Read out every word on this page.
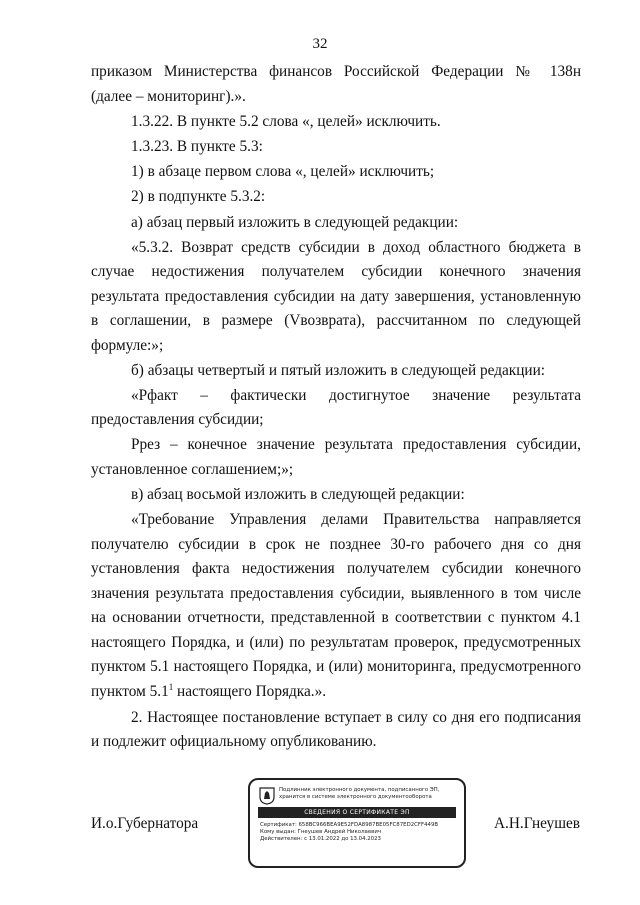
32

приказом Министерства финансов Российской Федерации № 138н

(далее – мониторинг).».

1.3.22. В пункте 5.2 слова «, целей» исключить.

1.3.23. В пункте 5.3:

1) в абзаце первом слова «, целей» исключить;

2) в подпункте 5.3.2:

а) абзац первый изложить в следующей редакции:

«5.3.2. Возврат средств субсидии в доход областного бюджета в случае недостижения получателем субсидии конечного значения результата предоставления субсидии на дату завершения, установленную в соглашении, в размере (Vвозврата), рассчитанном по следующей формуле:»;

б) абзацы четвертый и пятый изложить в следующей редакции:

«Рфакт – фактически достигнутое значение результата предоставления субсидии;

Ррез – конечное значение результата предоставления субсидии, установленное соглашением;»;

в) абзац восьмой изложить в следующей редакции:

«Требование Управления делами Правительства направляется получателю субсидии в срок не позднее 30-го рабочего дня со дня установления факта недостижения получателем субсидии конечного значения результата предоставления субсидии, выявленного в том числе на основании отчетности, представленной в соответствии с пунктом 4.1 настоящего Порядка, и (или) по результатам проверок, предусмотренных пунктом 5.1 настоящего Порядка, и (или) мониторинга, предусмотренного пунктом $5.1^1$ настоящего Порядка.».

2. Настоящее постановление вступает в силу со дня его подписания и подлежит официальному опубликованию.

И.о.Губернатора	А.Н.Гнеушев
Подлинник электронного документа, подписанного ЭП,
хранится в системе электронного документооборота
СВЕДЕНИЯ О СЕРТИФИКАТЕ ЭП
Сертификат: 658BC966BEA9E52FDA8987BE05FC87ED2CFF449B
Кому выдан: Гнеушев Андрей Николаевич
Действителен: с 13.01.2022 до 13.04.2023
